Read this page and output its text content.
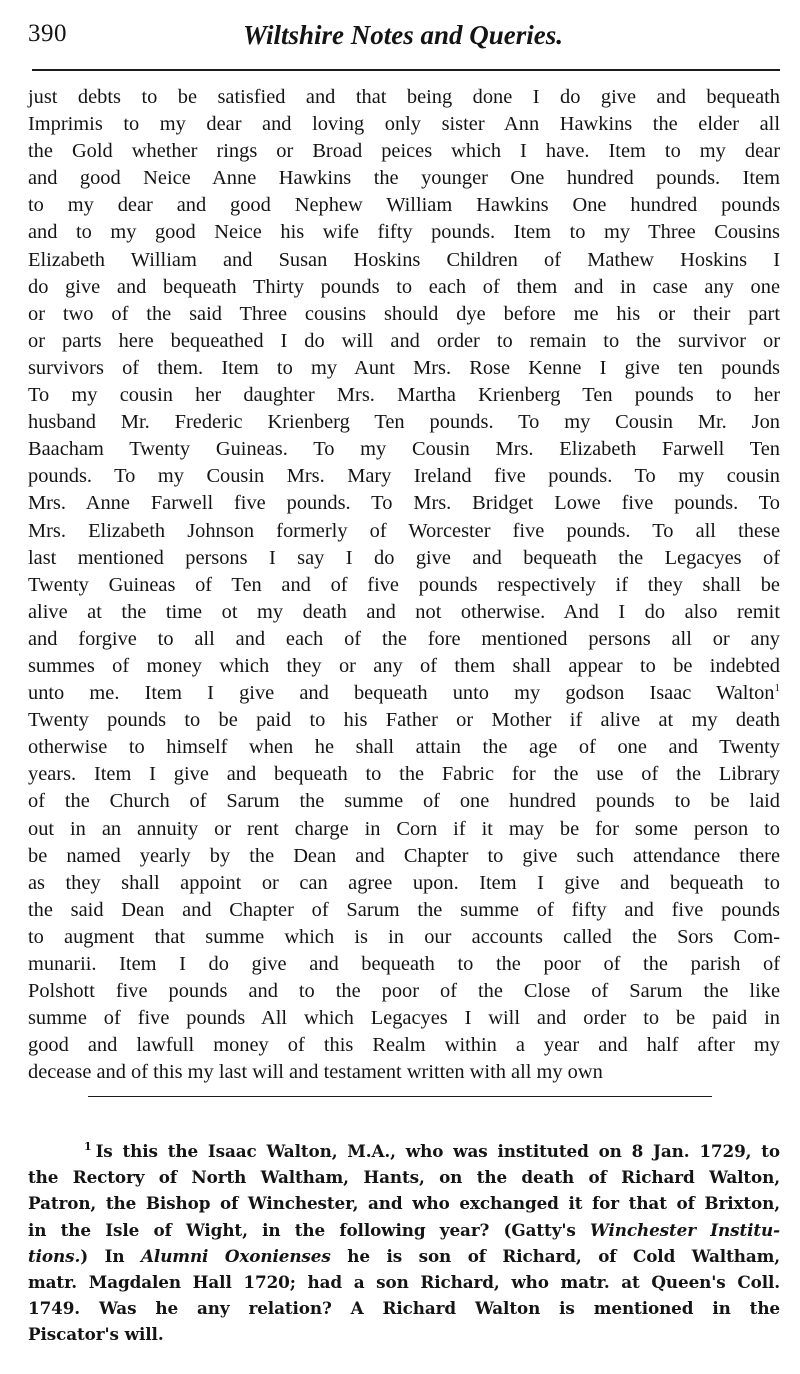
390	Wiltshire Notes and Queries.
just debts to be satisfied and that being done I do give and bequeath
Imprimis to my dear and loving only sister Ann Hawkins the elder all
the Gold whether rings or Broad peices which I have. Item to my dear
and good Neice Anne Hawkins the younger One hundred pounds. Item
to my dear and good Nephew William Hawkins One hundred pounds
and to my good Neice his wife fifty pounds. Item to my Three Cousins
Elizabeth William and Susan Hoskins Children of Mathew Hoskins I
do give and bequeath Thirty pounds to each of them and in case any one
or two of the said Three cousins should dye before me his or their part
or parts here bequeathed I do will and order to remain to the survivor or
survivors of them. Item to my Aunt Mrs. Rose Kenne I give ten pounds
To my cousin her daughter Mrs. Martha Krienberg Ten pounds to her
husband Mr. Frederic Krienberg Ten pounds. To my Cousin Mr. Jon
Baacham Twenty Guineas. To my Cousin Mrs. Elizabeth Farwell Ten
pounds. To my Cousin Mrs. Mary Ireland five pounds. To my cousin
Mrs. Anne Farwell five pounds. To Mrs. Bridget Lowe five pounds. To
Mrs. Elizabeth Johnson formerly of Worcester five pounds. To all these
last mentioned persons I say I do give and bequeath the Legacyes of
Twenty Guineas of Ten and of five pounds respectively if they shall be
alive at the time ot my death and not otherwise. And I do also remit
and forgive to all and each of the fore mentioned persons all or any
summes of money which they or any of them shall appear to be indebted
unto me. Item I give and bequeath unto my godson Isaac Walton$^1$
Twenty pounds to be paid to his Father or Mother if alive at my death
otherwise to himself when he shall attain the age of one and Twenty
years. Item I give and bequeath to the Fabric for the use of the Library
of the Church of Sarum the summe of one hundred pounds to be laid
out in an annuity or rent charge in Corn if it may be for some person to
be named yearly by the Dean and Chapter to give such attendance there
as they shall appoint or can agree upon. Item I give and bequeath to
the said Dean and Chapter of Sarum the summe of fifty and five pounds
to augment that summe which is in our accounts called the Sors Com-
munarii. Item I do give and bequeath to the poor of the parish of
Polshott five pounds and to the poor of the Close of Sarum the like
summe of five pounds All which Legacyes I will and order to be paid in
good and lawfull money of this Realm within a year and half after my
decease and of this my last will and testament written with all my own
$^1$ Is this the Isaac Walton, M.A., who was instituted on 8 Jan. 1729, to
the Rectory of North Waltham, Hants, on the death of Richard Walton,
Patron, the Bishop of Winchester, and who exchanged it for that of Brixton,
in the Isle of Wight, in the following year? (Gatty's Winchester Institu-
tions.) In Alumni Oxonienses he is son of Richard, of Cold Waltham,
matr. Magdalen Hall 1720; had a son Richard, who matr. at Queen's Coll.
1749. Was he any relation? A Richard Walton is mentioned in the
Piscator's will.
